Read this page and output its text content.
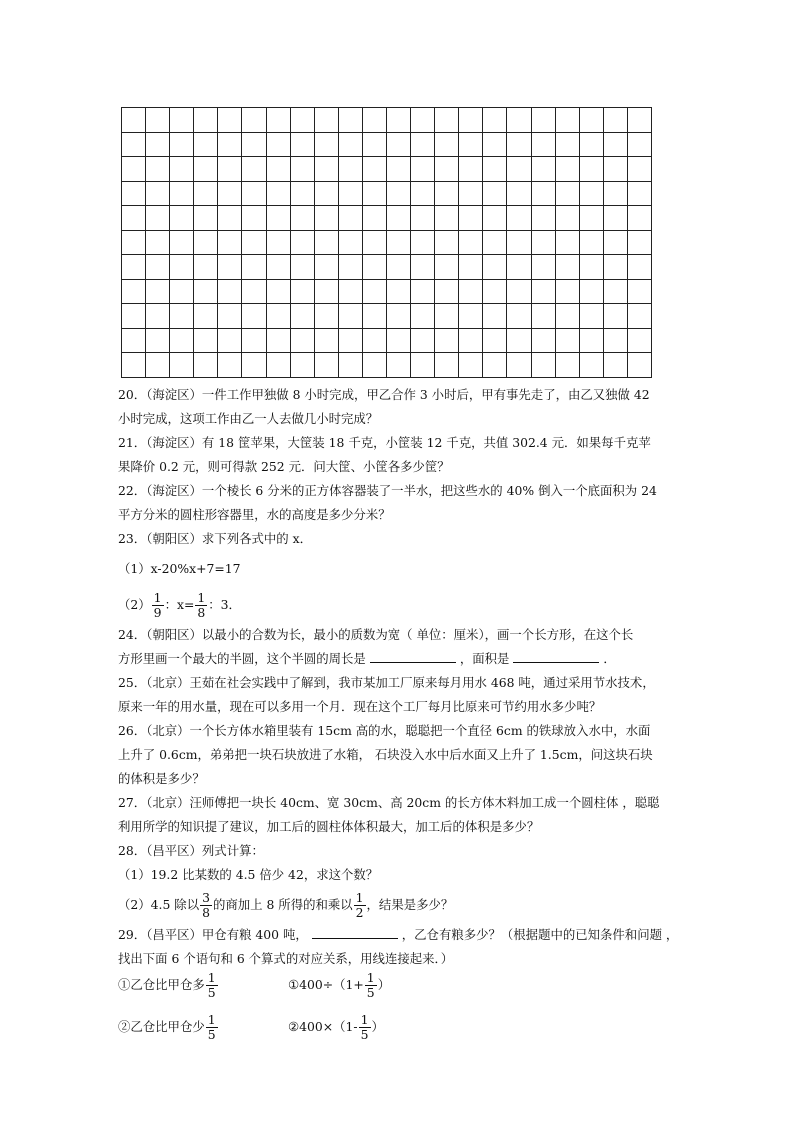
20．（海淀区）一件工作甲独做 8 小时完成，甲乙合作 3 小时后，甲有事先走了，由乙又独做 42

小时完成，这项工作由乙一人去做几小时完成？

21．（海淀区）有 18 筐苹果，大筐装 18 千克，小筐装 12 千克，共值 302.4 元．如果每千克苹

果降价 0.2 元，则可得款 252 元．问大筐、小筐各多少筐？

22．（海淀区）一个棱长 6 分米的正方体容器装了一半水，把这些水的 40% 倒入一个底面积为 24

平方分米的圆柱形容器里，水的高度是多少分米？

23．（朝阳区）求下列各式中的 x．

（1）x-20%x+7=17

$(2) \frac{1}{9}$ ：$x= \frac{1}{8}$ ：3．

24．（朝阳区）以最小的合数为长，最小的质数为宽（ 单位：厘米），画一个长方形，在这个长

方形里画一个最大的半圆，这个半圆的周长是	，面积是	．

25．（北京）王茹在社会实践中了解到，我市某加工厂原来每月用水 468 吨，通过采用节水技术，

原来一年的用水量，现在可以多用一个月．现在这个工厂每月比原来可节约用水多少吨？

26．（北京）一个长方体水箱里装有 15cm 高的水，聪聪把一个直径 6cm 的铁球放入水中，水面

上升了 0.6cm，弟弟把一块石块放进了水箱， 石块没入水中后水面又上升了 1.5cm，问这块石块

的体积是多少？

27．（北京）汪师傅把一块长 40cm、宽 30cm、高 20cm 的长方体木料加工成一个圆柱体 ，聪聪

利用所学的知识提了建议，加工后的圆柱体体积最大，加工后的体积是多少？

28．（昌平区）列式计算：

（1）19.2 比某数的 4.5 倍少 42，求这个数？

（2）4.5 除以 $\frac{3}{8}$ 的商加上 8 所得的和乘以 $\frac{1}{2}$ ，结果是多少？

29．（昌平区）甲仓有粮 400 吨，	，乙仓有粮多少？（根据题中的已知条件和问题 ，

找出下面 6 个语句和 6 个算式的对应关系，用线连接起来．）

①乙仓比甲仓多 $\frac{1}{5}$	①400÷（1+ $\frac{1}{5}$ ）
②乙仓比甲仓少 $\frac{1}{5}$	②400×（1- $\frac{1}{5}$ ）
